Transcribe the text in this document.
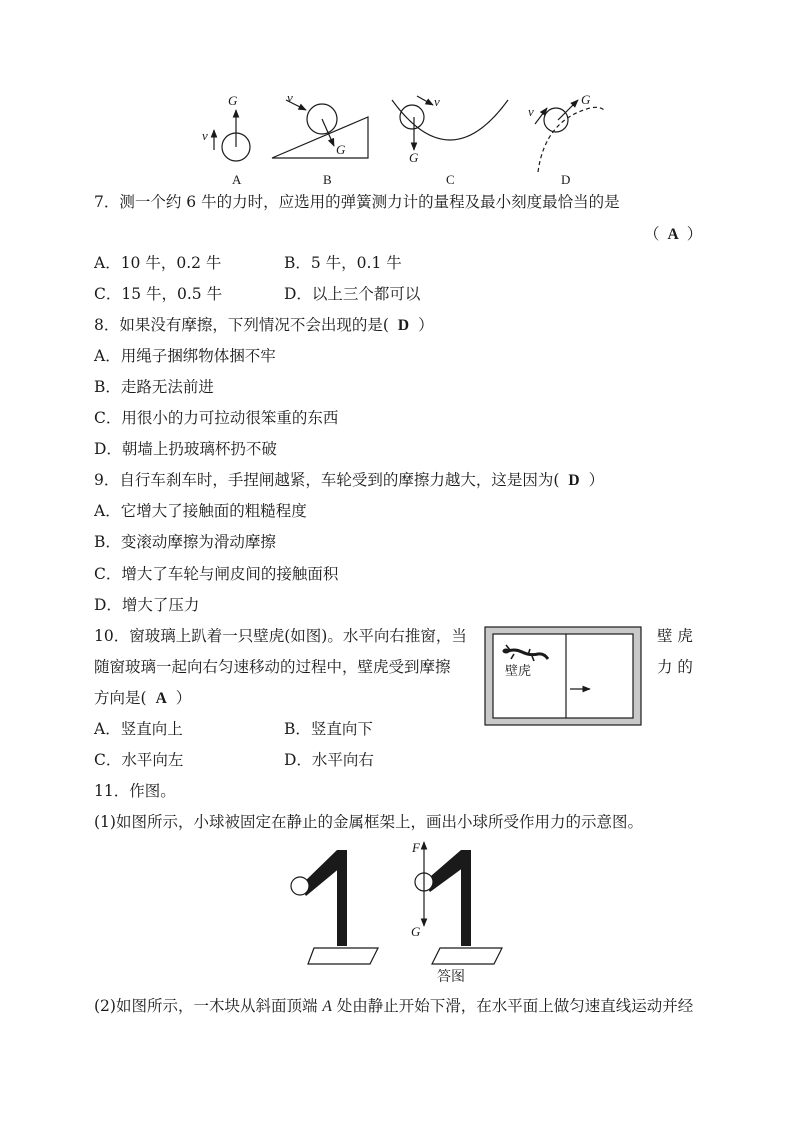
G
v
G
v
G
v	G
v
A	B	C	D
7．测一个约 6 牛的力时，应选用的弹簧测力计的量程及最小刻度最恰当的是
（ A ）
A．10 牛，0.2 牛	B．5 牛，0.1 牛
C．15 牛，0.5 牛	D．以上三个都可以
8．如果没有摩擦，下列情况不会出现的是( D ）
A．用绳子捆绑物体捆不牢
B．走路无法前进
C．用很小的力可拉动很笨重的东西
D．朝墙上扔玻璃杯扔不破
9．自行车刹车时，手捏闸越紧，车轮受到的摩擦力越大，这是因为( D ）
A．它增大了接触面的粗糙程度
B．变滚动摩擦为滑动摩擦
C．增大了车轮与闸皮间的接触面积
D．增大了压力
10．窗玻璃上趴着一只壁虎(如图)。水平向右推窗，当	壁 虎
随窗玻璃一起向右匀速移动的过程中，壁虎受到摩擦	力 的
方向是( A ）
壁虎
A．竖直向上	B．竖直向下
C．水平向左	D．水平向右
11．作图。
(1)如图所示，小球被固定在静止的金属框架上，画出小球所受作用力的示意图。
F
G
答图
(2)如图所示，一木块从斜面顶端 A 处由静止开始下滑，在水平面上做匀速直线运动并经
